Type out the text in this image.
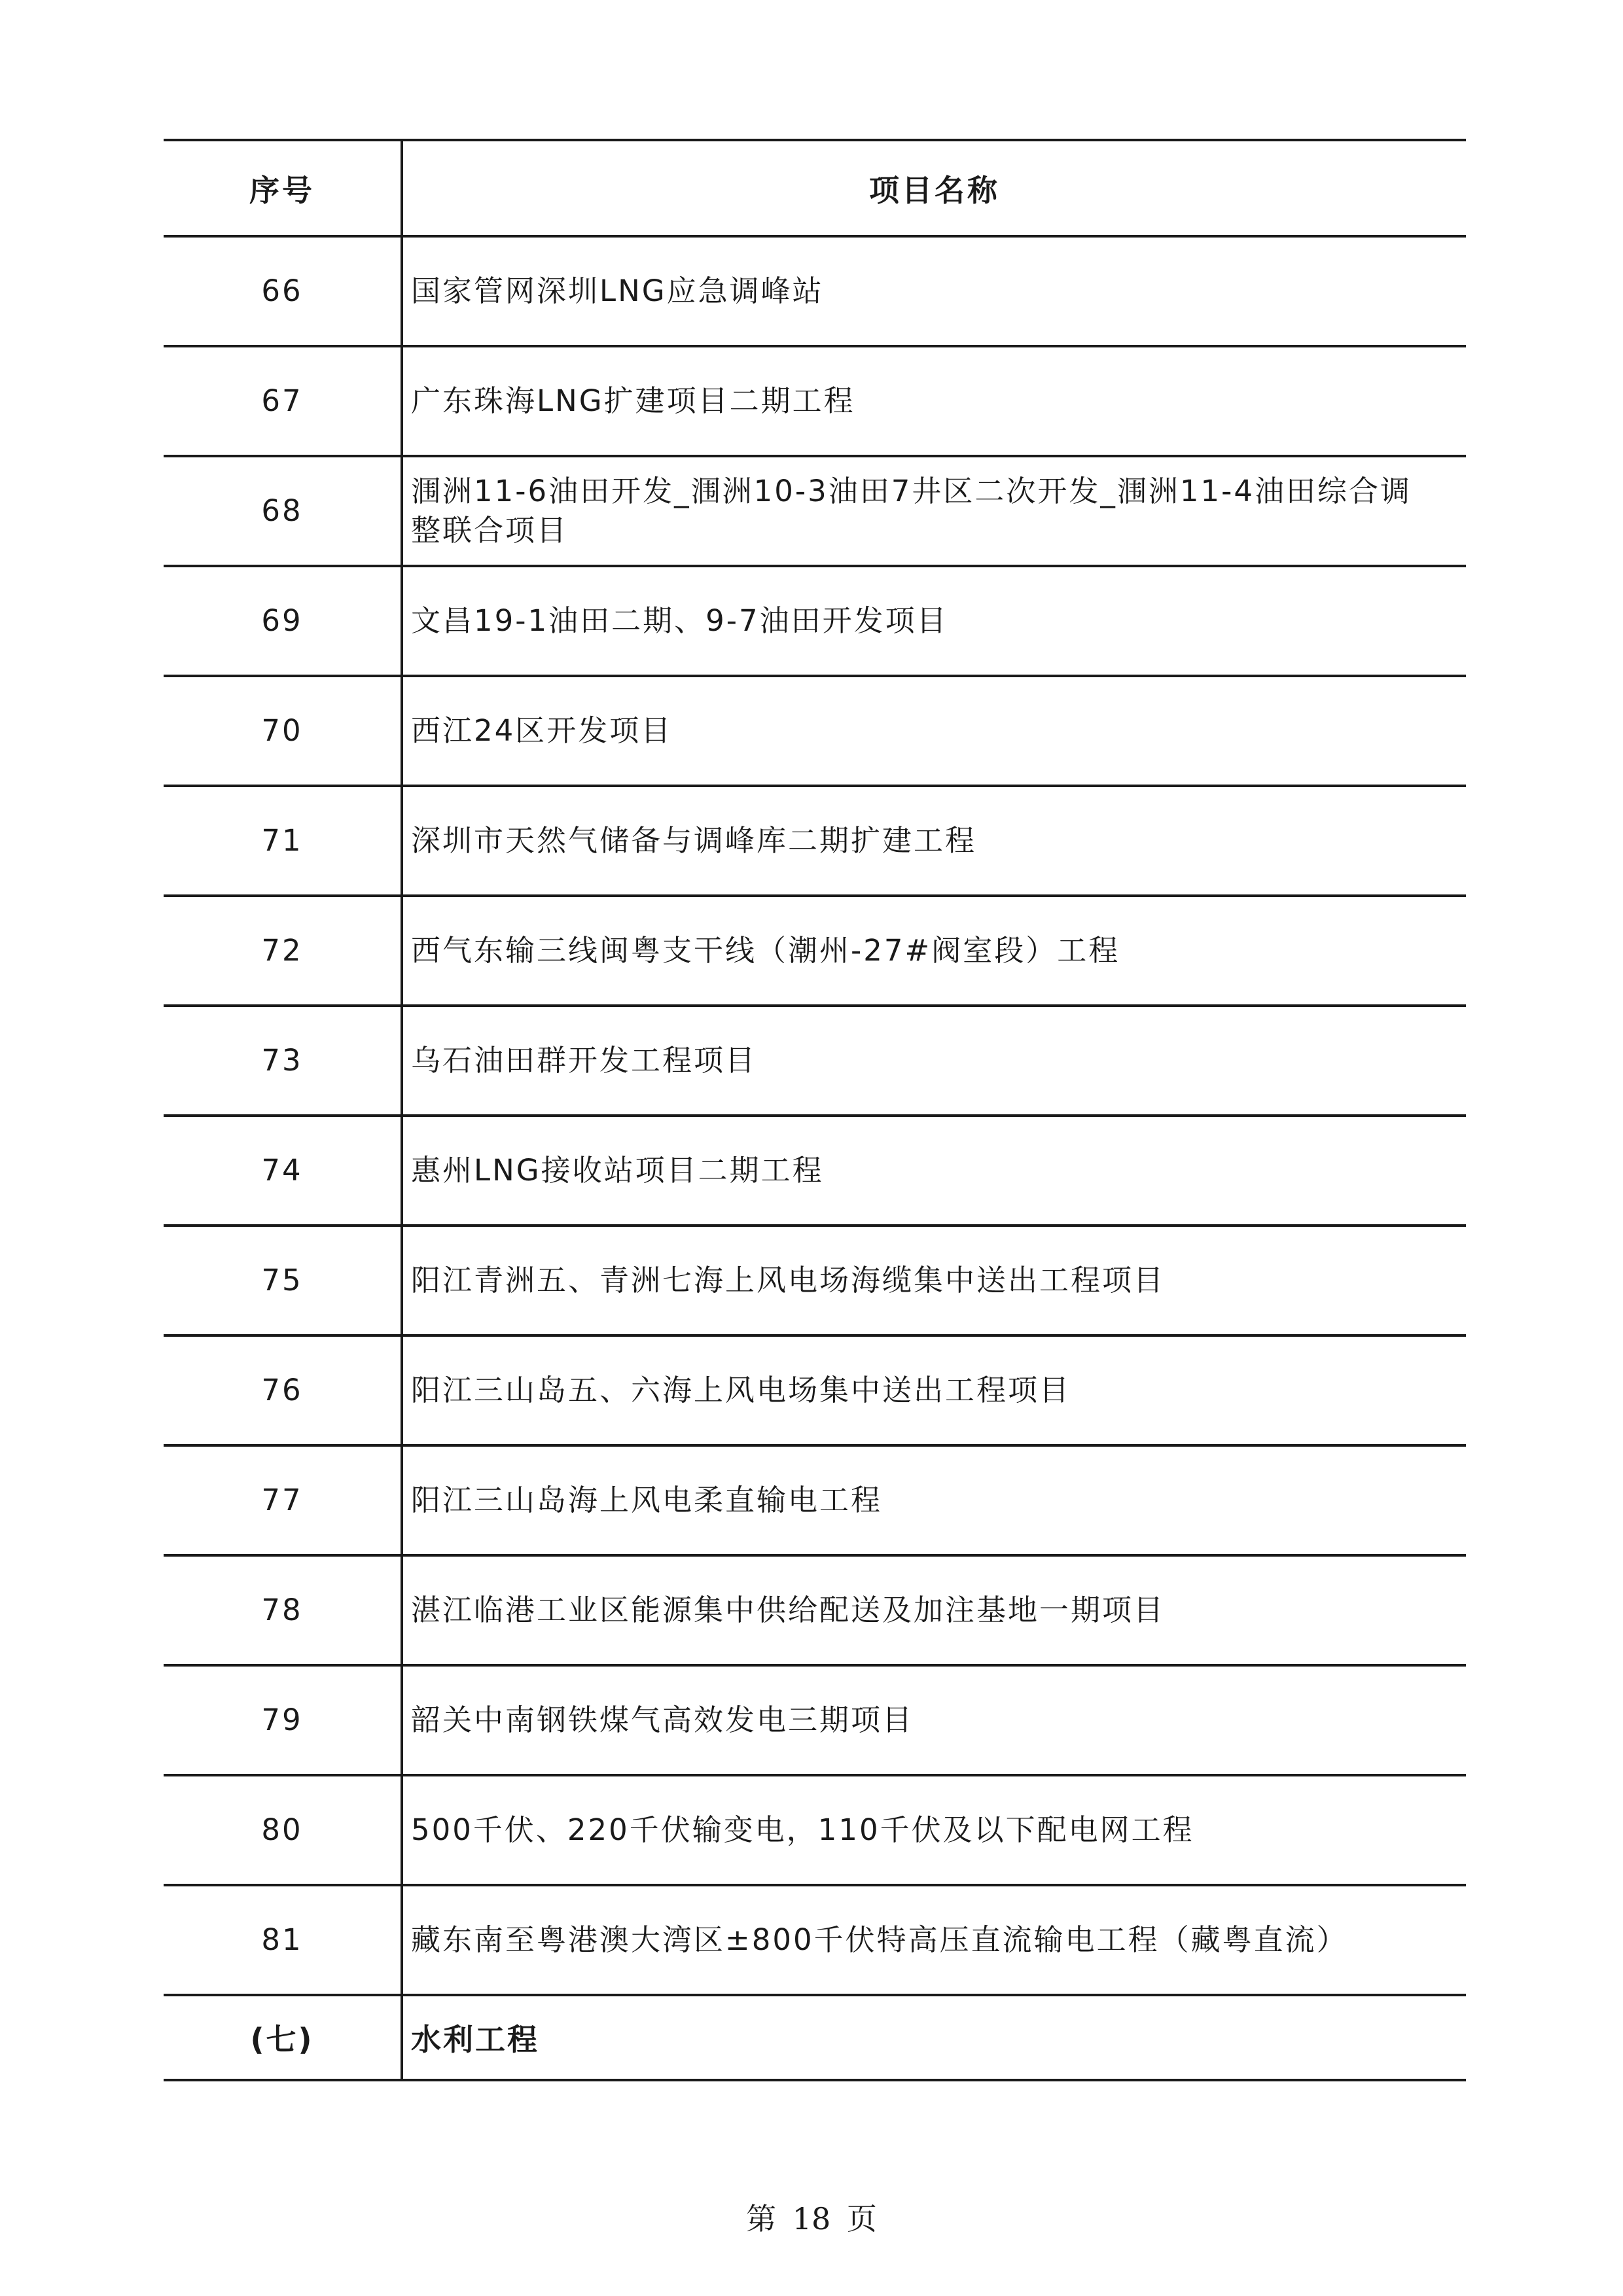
序号	项目名称
66	国家管网深圳LNG应急调峰站
67	广东珠海LNG扩建项目二期工程
68	涠洲11-6油田开发_涠洲10-3油田7井区二次开发_涠洲11-4油田综合调整联合项目
69	文昌19-1油田二期、9-7油田开发项目
70	西江24区开发项目
71	深圳市天然气储备与调峰库二期扩建工程
72	西气东输三线闽粤支干线（潮州-27#阀室段）工程
73	乌石油田群开发工程项目
74	惠州LNG接收站项目二期工程
75	阳江青洲五、青洲七海上风电场海缆集中送出工程项目
76	阳江三山岛五、六海上风电场集中送出工程项目
77	阳江三山岛海上风电柔直输电工程
78	湛江临港工业区能源集中供给配送及加注基地一期项目
79	韶关中南钢铁煤气高效发电三期项目
80	500千伏、220千伏输变电，110千伏及以下配电网工程
81	藏东南至粤港澳大湾区±800千伏特高压直流输电工程（藏粤直流）
(七)	水利工程
第 18 页
